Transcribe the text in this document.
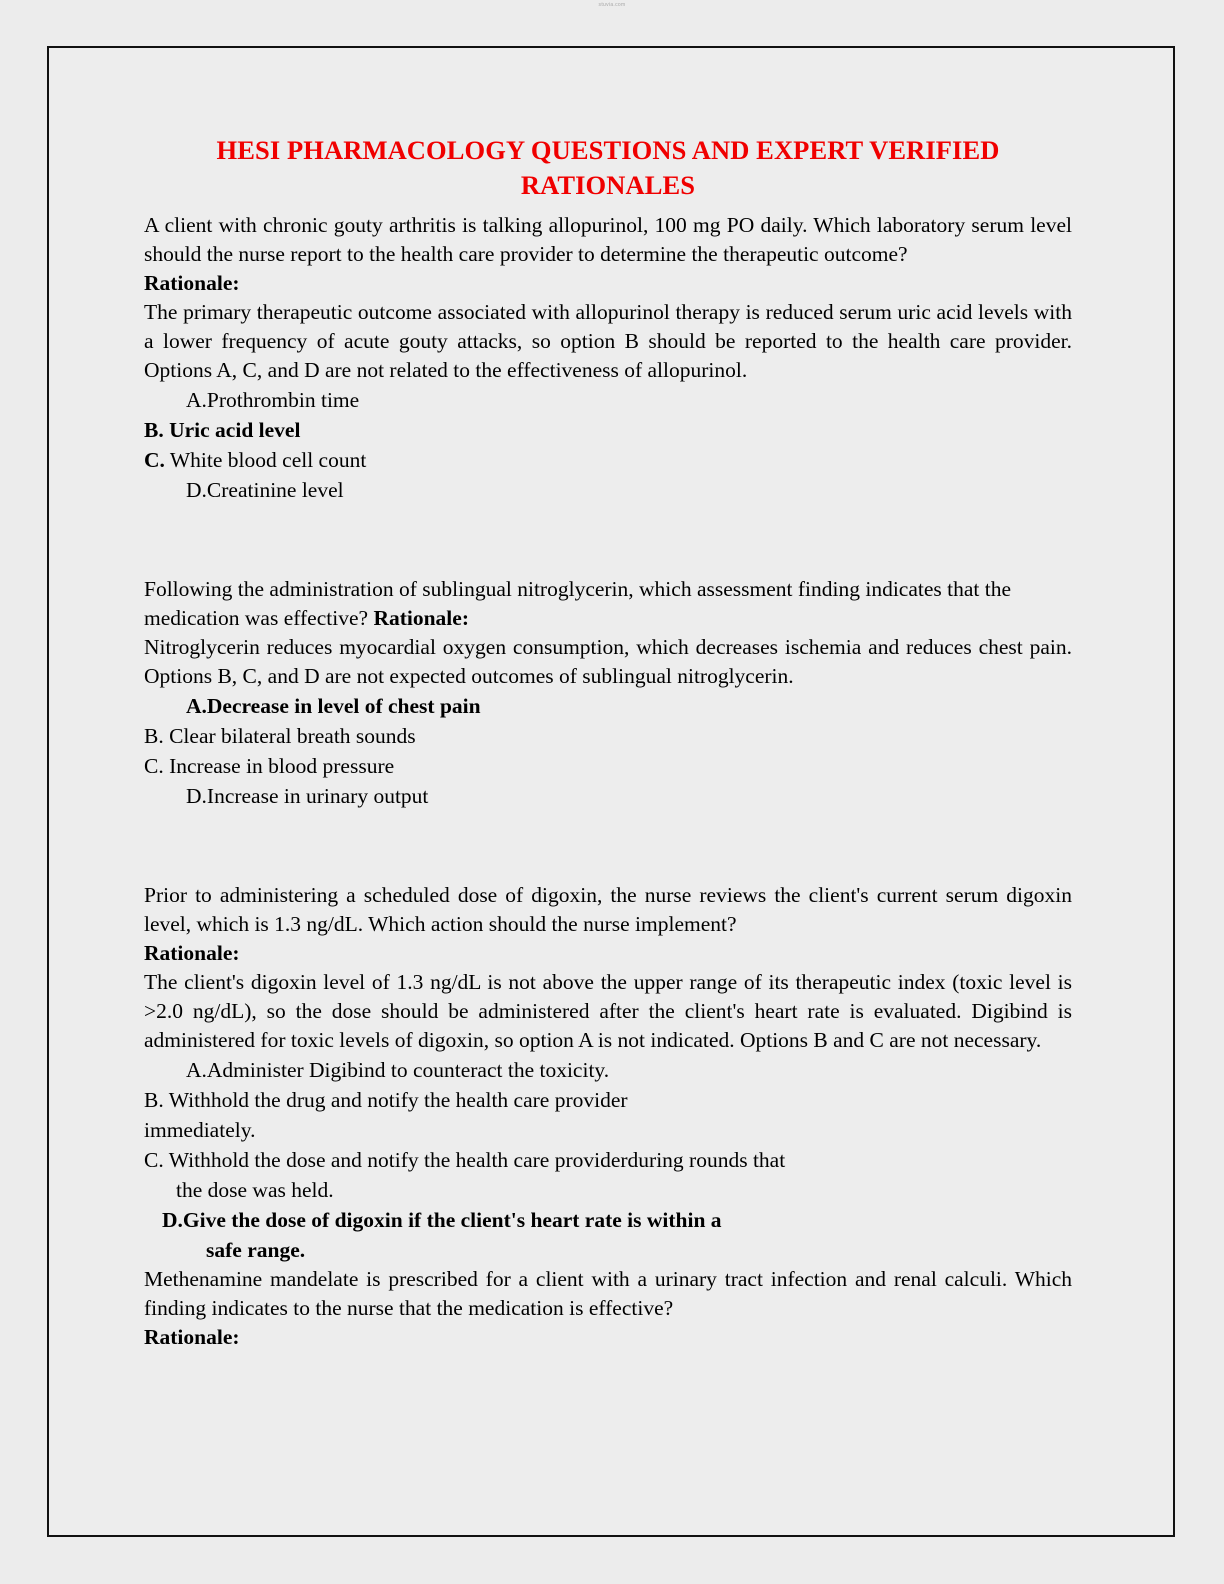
stuvia.com
HESI PHARMACOLOGY QUESTIONS AND EXPERT VERIFIED RATIONALES

A client with chronic gouty arthritis is talking allopurinol, 100 mg PO daily. Which laboratory serum level should the nurse report to the health care provider to determine the therapeutic outcome?

Rationale:

The primary therapeutic outcome associated with allopurinol therapy is reduced serum uric acid levels with a lower frequency of acute gouty attacks, so option B should be reported to the health care provider. Options A, C, and D are not related to the effectiveness of allopurinol.

A.Prothrombin time

B. Uric acid level

C. White blood cell count

D.Creatinine level

Following the administration of sublingual nitroglycerin, which assessment finding indicates that the medication was effective? Rationale:

Nitroglycerin reduces myocardial oxygen consumption, which decreases ischemia and reduces chest pain. Options B, C, and D are not expected outcomes of sublingual nitroglycerin.

A.Decrease in level of chest pain

B. Clear bilateral breath sounds

C. Increase in blood pressure

D.Increase in urinary output

Prior to administering a scheduled dose of digoxin, the nurse reviews the client's current serum digoxin level, which is 1.3 ng/dL. Which action should the nurse implement?

Rationale:

The client's digoxin level of 1.3 ng/dL is not above the upper range of its therapeutic index (toxic level is >2.0 ng/dL), so the dose should be administered after the client's heart rate is evaluated. Digibind is administered for toxic levels of digoxin, so option A is not indicated. Options B and C are not necessary.

A.Administer Digibind to counteract the toxicity.

B. Withhold the drug and notify the health care provider

immediately.

C. Withhold the dose and notify the health care providerduring rounds that

the dose was held.

D.Give the dose of digoxin if the client's heart rate is within a

safe range.

Methenamine mandelate is prescribed for a client with a urinary tract infection and renal calculi. Which finding indicates to the nurse that the medication is effective?

Rationale:
